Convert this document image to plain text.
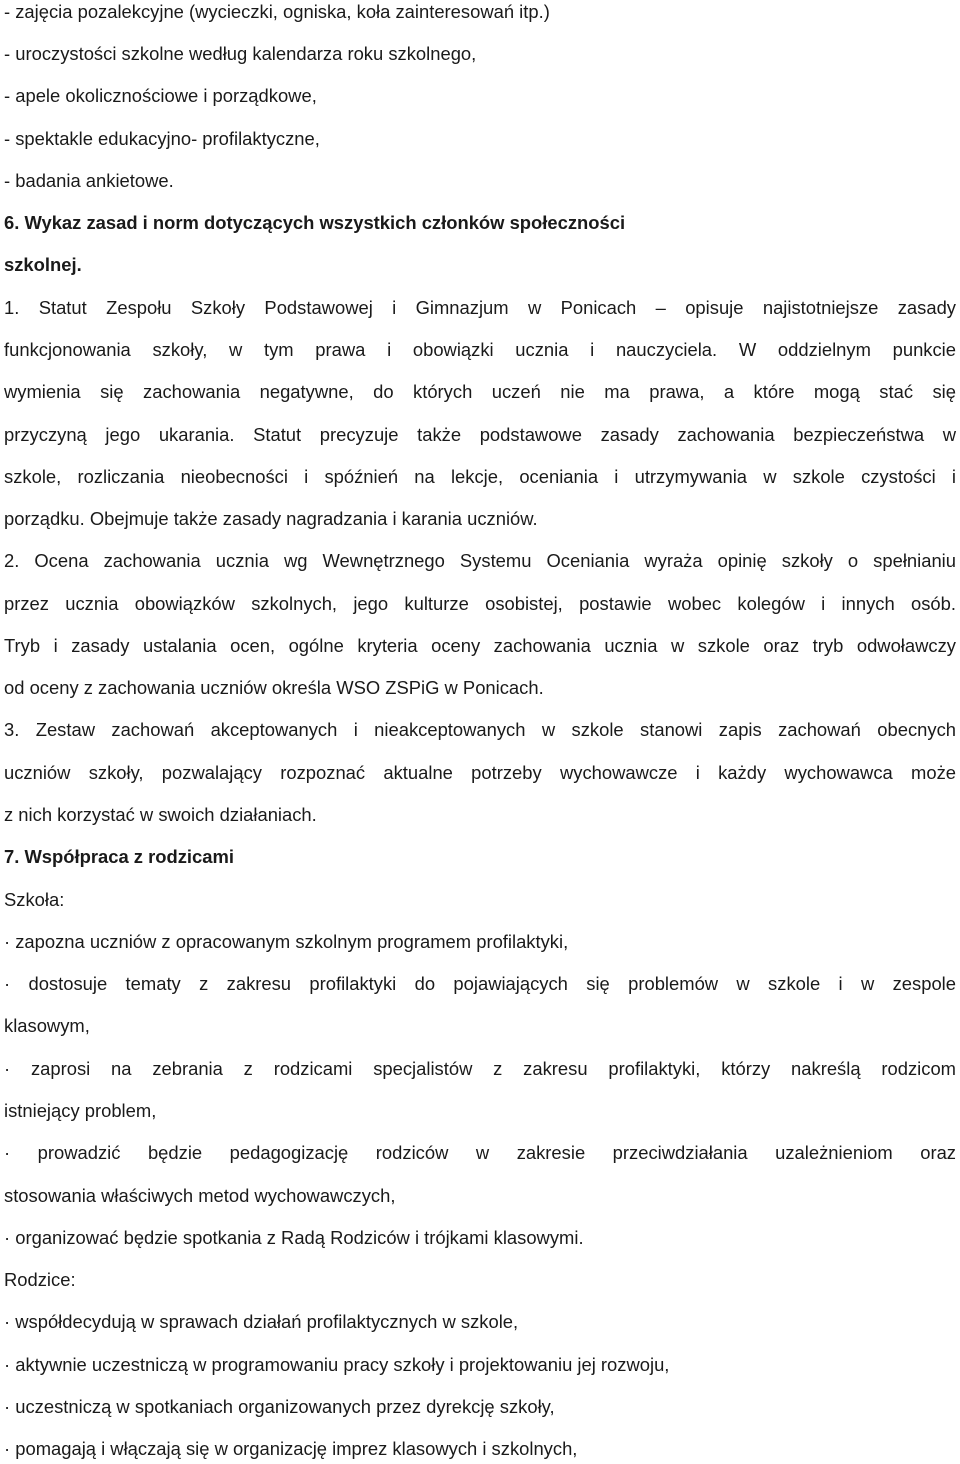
- zajęcia pozalekcyjne (wycieczki, ogniska, koła zainteresowań itp.)
- uroczystości szkolne według kalendarza roku szkolnego,
- apele okolicznościowe i porządkowe,
- spektakle edukacyjno- profilaktyczne,
- badania ankietowe.
6. Wykaz zasad i norm dotyczących wszystkich członków społeczności
szkolnej.
1. Statut Zespołu Szkoły Podstawowej i Gimnazjum w Ponicach – opisuje najistotniejsze zasady
funkcjonowania szkoły, w tym prawa i obowiązki ucznia i nauczyciela. W oddzielnym punkcie
wymienia się zachowania negatywne, do których uczeń nie ma prawa, a które mogą stać się
przyczyną jego ukarania. Statut precyzuje także podstawowe zasady zachowania bezpieczeństwa w
szkole, rozliczania nieobecności i spóźnień na lekcje, oceniania i utrzymywania w szkole czystości i
porządku. Obejmuje także zasady nagradzania i karania uczniów.
2. Ocena zachowania ucznia wg Wewnętrznego Systemu Oceniania wyraża opinię szkoły o spełnianiu
przez ucznia obowiązków szkolnych, jego kulturze osobistej, postawie wobec kolegów i innych osób.
Tryb i zasady ustalania ocen, ogólne kryteria oceny zachowania ucznia w szkole oraz tryb odwoławczy
od oceny z zachowania uczniów określa WSO ZSPiG w Ponicach.
3. Zestaw zachowań akceptowanych i nieakceptowanych w szkole stanowi zapis zachowań obecnych
uczniów szkoły, pozwalający rozpoznać aktualne potrzeby wychowawcze i każdy wychowawca może
z nich korzystać w swoich działaniach.
7. Współpraca z rodzicami
Szkoła:
· zapozna uczniów z opracowanym szkolnym programem profilaktyki,
· dostosuje tematy z zakresu profilaktyki do pojawiających się problemów w szkole i w zespole
klasowym,
· zaprosi na zebrania z rodzicami specjalistów z zakresu profilaktyki, którzy nakreślą rodzicom
istniejący problem,
· prowadzić będzie pedagogizację rodziców w zakresie przeciwdziałania uzależnieniom oraz
stosowania właściwych metod wychowawczych,
· organizować będzie spotkania z Radą Rodziców i trójkami klasowymi.
Rodzice:
· współdecydują w sprawach działań profilaktycznych w szkole,
· aktywnie uczestniczą w programowaniu pracy szkoły i projektowaniu jej rozwoju,
· uczestniczą w spotkaniach organizowanych przez dyrekcję szkoły,
· pomagają i włączają się w organizację imprez klasowych i szkolnych,
